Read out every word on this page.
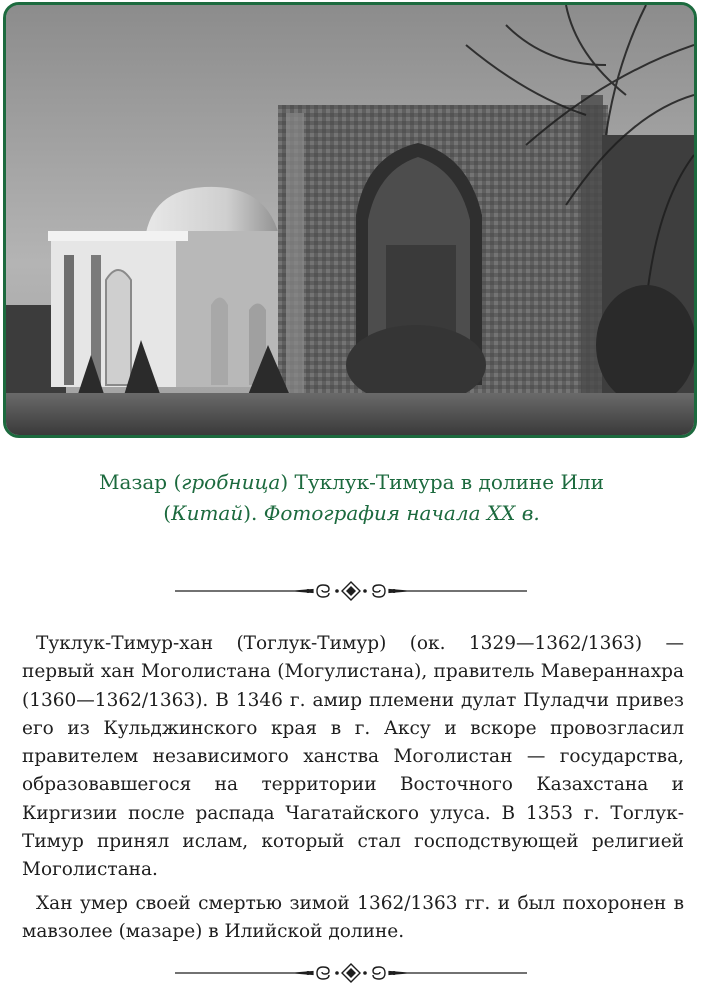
Мазар (гробница) Туклук-Тимура в долине Или
(Китай). Фотография начала XX в.

Туклук-Тимур-хан (Тоглук-Тимур) (ок. 1329—1362/1363) — первый хан Моголистана (Могулистана), правитель Мавераннахра (1360—1362/1363). В 1346 г. амир племени дулат Пуладчи привез его из Кульджинского края в г. Аксу и вскоре провозгласил правителем независимого ханства Моголистан — государства, образовавшегося на территории Восточного Казахстана и Киргизии после распада Чагатайского улуса. В 1353 г. Тоглук-Тимур принял ислам, который стал господствующей религией Моголистана.

Хан умер своей смертью зимой 1362/1363 гг. и был похоронен в мавзолее (мазаре) в Илийской долине.
